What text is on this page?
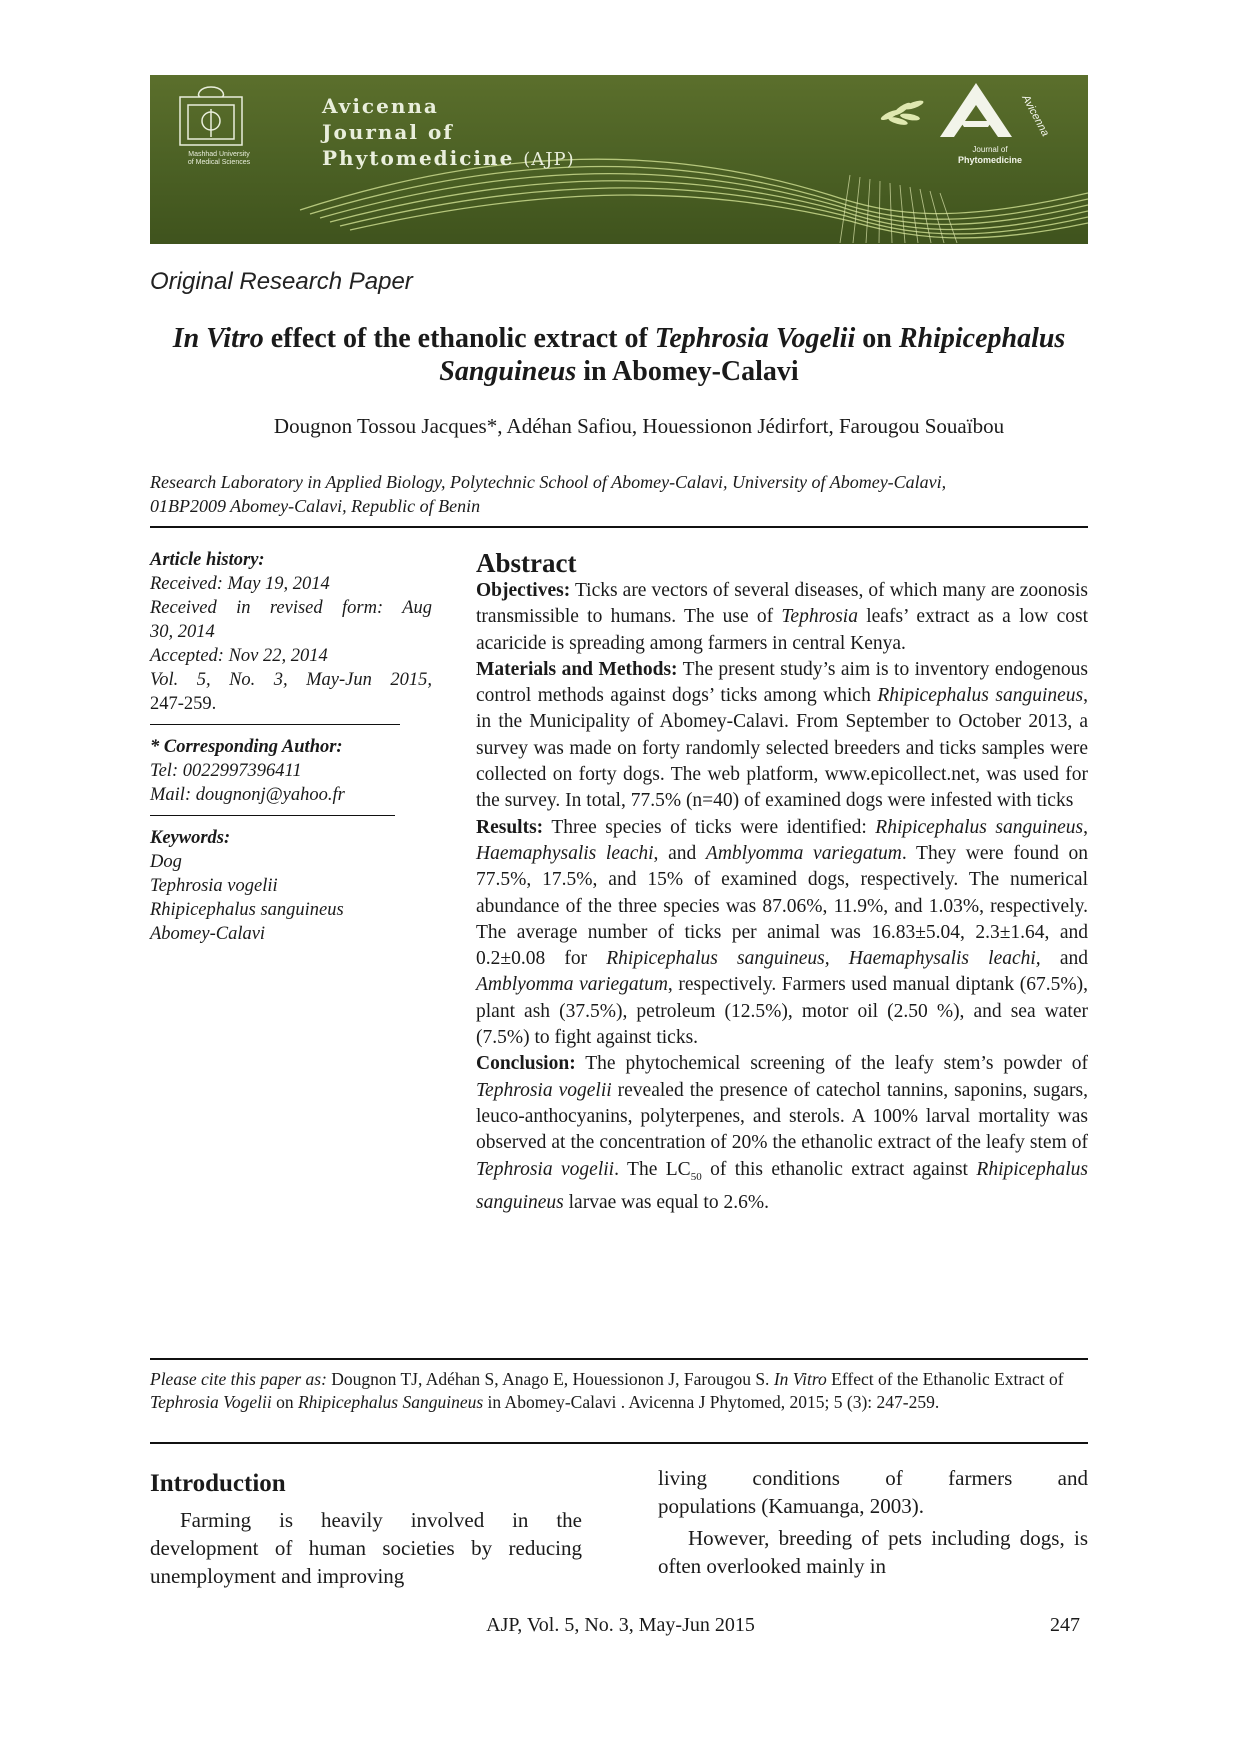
Avicenna
Journal of
Phytomedicine (AJP)
Mashhad University
of Medical Sciences
Avicenna
Journal of
Phytomedicine
Original Research Paper
In Vitro effect of the ethanolic extract of Tephrosia Vogelii on Rhipicephalus Sanguineus in Abomey-Calavi
Dougnon Tossou Jacques*, Adéhan Safiou, Houessionon Jédirfort, Farougou Souaïbou
Research Laboratory in Applied Biology, Polytechnic School of Abomey-Calavi, University of Abomey-Calavi,
01BP2009 Abomey-Calavi, Republic of Benin
Article history:
Received: May 19, 2014
Received in revised form: Aug
30, 2014
Accepted: Nov 22, 2014
Vol. 5, No. 3, May-Jun 2015,
247-259.
* Corresponding Author:
Tel: 0022997396411
Mail: dougnonj@yahoo.fr
Keywords:
Dog
Tephrosia vogelii
Rhipicephalus sanguineus
Abomey-Calavi
Abstract

Objectives: Ticks are vectors of several diseases, of which many are zoonosis transmissible to humans. The use of Tephrosia leafs’ extract as a low cost acaricide is spreading among farmers in central Kenya.

Materials and Methods: The present study’s aim is to inventory endogenous control methods against dogs’ ticks among which Rhipicephalus sanguineus, in the Municipality of Abomey-Calavi. From September to October 2013, a survey was made on forty randomly selected breeders and ticks samples were collected on forty dogs. The web platform, www.epicollect.net, was used for the survey. In total, 77.5% (n=40) of examined dogs were infested with ticks

Results: Three species of ticks were identified: Rhipicephalus sanguineus, Haemaphysalis leachi, and Amblyomma variegatum. They were found on 77.5%, 17.5%, and 15% of examined dogs, respectively. The numerical abundance of the three species was 87.06%, 11.9%, and 1.03%, respectively. The average number of ticks per animal was 16.83±5.04, 2.3±1.64, and 0.2±0.08 for Rhipicephalus sanguineus, Haemaphysalis leachi, and Amblyomma variegatum, respectively. Farmers used manual diptank (67.5%), plant ash (37.5%), petroleum (12.5%), motor oil (2.50 %), and sea water (7.5%) to fight against ticks.

Conclusion: The phytochemical screening of the leafy stem’s powder of Tephrosia vogelii revealed the presence of catechol tannins, saponins, sugars, leuco-anthocyanins, polyterpenes, and sterols. A 100% larval mortality was observed at the concentration of 20% the ethanolic extract of the leafy stem of Tephrosia vogelii. The $LC_{50}$ of this ethanolic extract against Rhipicephalus sanguineus larvae was equal to 2.6%.

Please cite this paper as: Dougnon TJ, Adéhan S, Anago E, Houessionon J, Farougou S. In Vitro Effect of the Ethanolic Extract of Tephrosia Vogelii on Rhipicephalus Sanguineus in Abomey-Calavi . Avicenna J Phytomed, 2015; 5 (3): 247-259.
Introduction
Farming is heavily involved in the development of human societies by reducing unemployment and improving
living conditions of farmers and
populations (Kamuanga, 2003).
However, breeding of pets including dogs, is often overlooked mainly in
AJP, Vol. 5, No. 3, May-Jun 2015	247
